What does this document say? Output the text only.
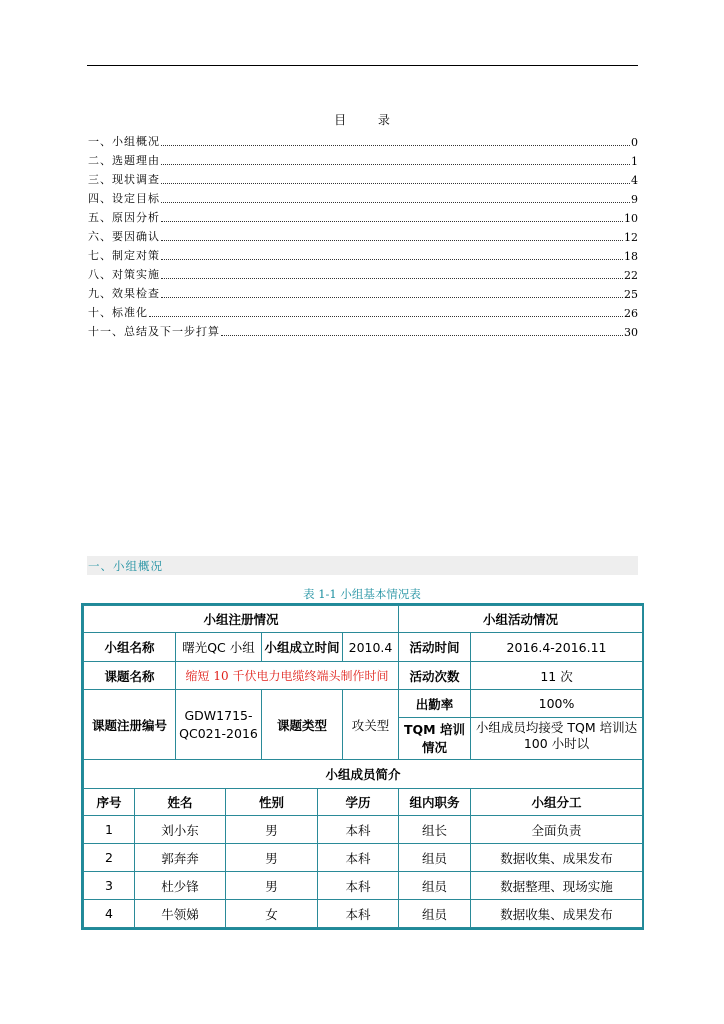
目 录
一、小组概况	0
二、选题理由	1
三、现状调查	4
四、设定目标	9
五、原因分析	10
六、要因确认	12
七、制定对策	18
八、对策实施	22
九、效果检查	25
十、标准化	26
十一、总结及下一步打算	30
一、小组概况
表 1-1 小组基本情况表
小组注册情况							小组活动情况	
小组名称		曙光QC 小组		小组成立时间		2010.4	活动时间	2016.4-2016.11
课题名称		缩短 10 千伏电力电缆终端头制作时间					活动次数	11 次
课题注册编号		GDW1715-QC021-2016		课题类型		攻关型	出勤率	100%
							TQM 培训情况	小组成员均接受 TQM 培训达 100 小时以

小组成员简介								
序号	姓名		性别		学历		组内职务	小组分工
1	刘小东		男		本科		组长	全面负责
2	郭奔奔		男		本科		组员	数据收集、成果发布
3	杜少锋		男		本科		组员	数据整理、现场实施
4	牛领娣		女		本科		组员	数据收集、成果发布
